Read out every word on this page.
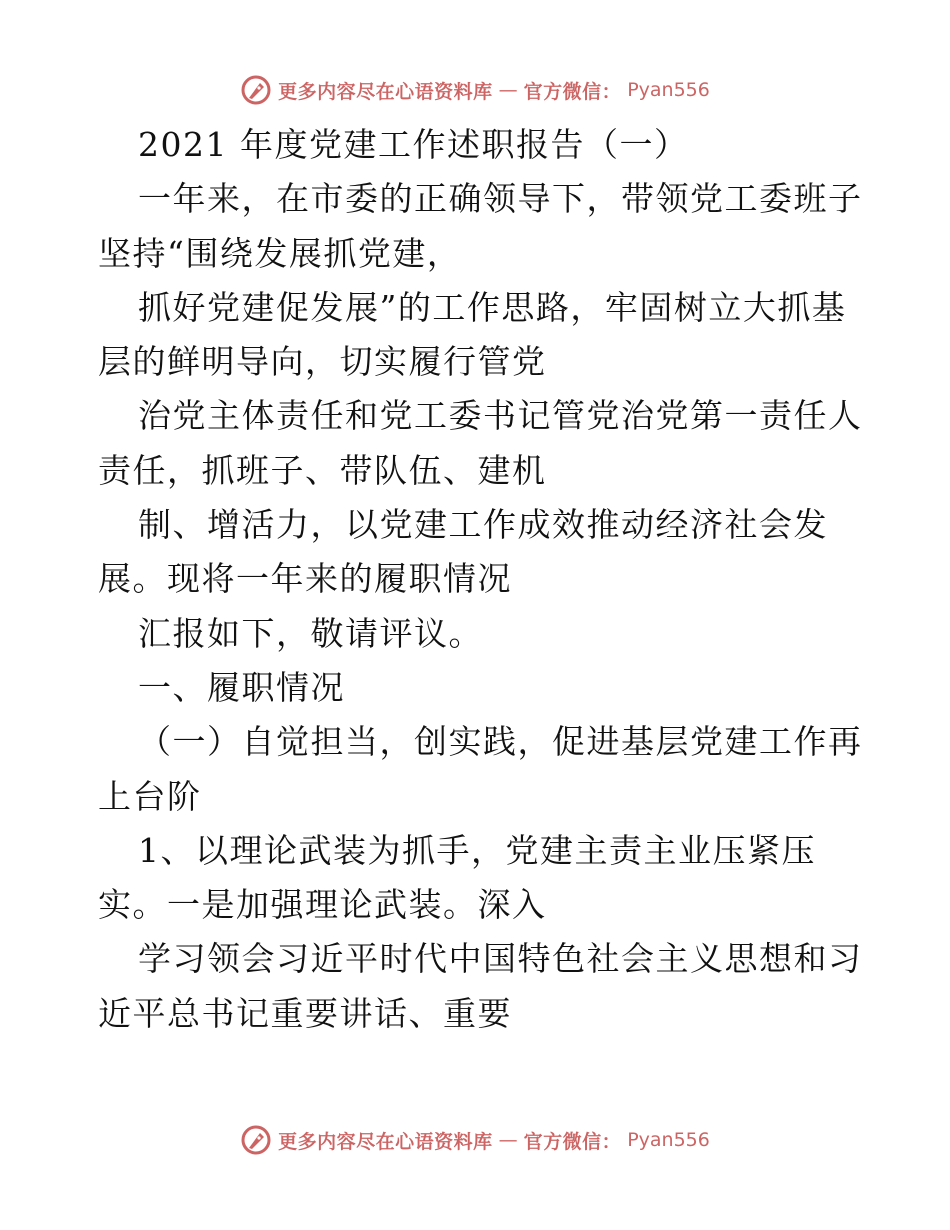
更多内容尽在心语资料库 — 官方微信： Pyan556
2021 年度党建工作述职报告（一）
一年来，在市委的正确领导下，带领党工委班子
坚持“围绕发展抓党建，
抓好党建促发展”的工作思路，牢固树立大抓基
层的鲜明导向，切实履行管党
治党主体责任和党工委书记管党治党第一责任人
责任，抓班子、带队伍、建机
制、增活力，以党建工作成效推动经济社会发
展。现将一年来的履职情况
汇报如下，敬请评议。
一、履职情况
（一）自觉担当，创实践，促进基层党建工作再
上台阶
1、以理论武装为抓手，党建主责主业压紧压
实。一是加强理论武装。深入
学习领会习近平时代中国特色社会主义思想和习
近平总书记重要讲话、重要
更多内容尽在心语资料库 — 官方微信： Pyan556
